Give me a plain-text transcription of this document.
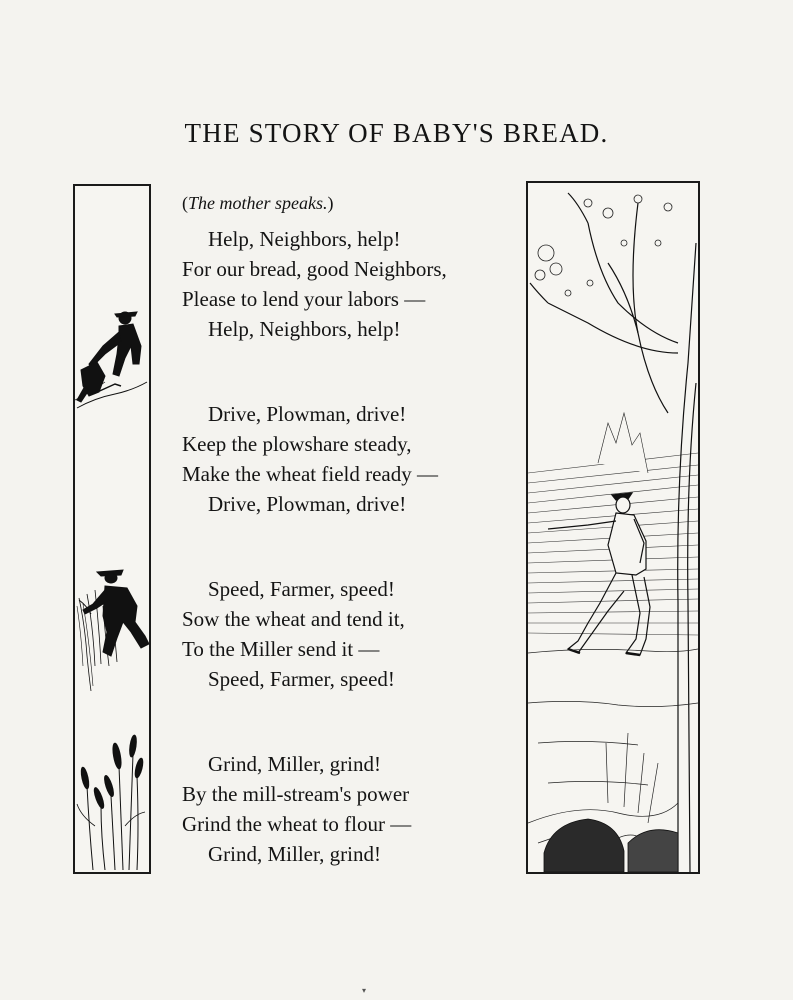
THE STORY OF BABY'S BREAD.

(The mother speaks.)

Help, Neighbors, help!
For our bread, good Neighbors,
Please to lend your labors —
Help, Neighbors, help!
Drive, Plowman, drive!
Keep the plowshare steady,
Make the wheat field ready —
Drive, Plowman, drive!
Speed, Farmer, speed!
Sow the wheat and tend it,
To the Miller send it —
Speed, Farmer, speed!
Grind, Miller, grind!
By the mill-stream's power
Grind the wheat to flour —
Grind, Miller, grind!
▾
